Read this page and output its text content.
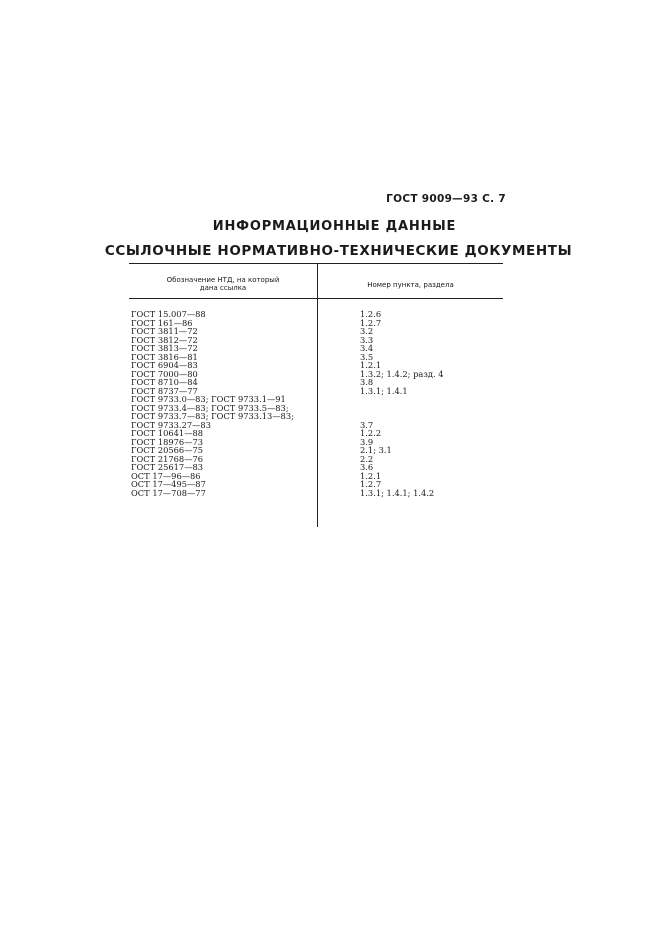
ГОСТ 9009—93 С. 7
ИНФОРМАЦИОННЫЕ ДАННЫЕ
ССЫЛОЧНЫЕ НОРМАТИВНО-ТЕХНИЧЕСКИЕ ДОКУМЕНТЫ
Обозначение НТД, на который
дана ссылка	Номер пункта, раздела
ГОСТ 15.007—88
ГОСТ 161—86
ГОСТ 3811—72
ГОСТ 3812—72
ГОСТ 3813—72
ГОСТ 3816—81
ГОСТ 6904—83
ГОСТ 7000—80
ГОСТ 8710—84
ГОСТ 8737—77
ГОСТ 9733.0—83; ГОСТ 9733.1—91
ГОСТ 9733.4—83; ГОСТ 9733.5—83;
ГОСТ 9733.7—83; ГОСТ 9733.13—83;
ГОСТ 9733.27—83
ГОСТ 10641—88
ГОСТ 18976—73
ГОСТ 20566—75
ГОСТ 21768—76
ГОСТ 25617—83
ОСТ 17—96—86
ОСТ 17—495—87
ОСТ 17—708—77
1.2.6
1.2.7
3.2
3.3
3.4
3.5
1.2.1
1.3.2; 1.4.2; разд. 4
3.8
1.3.1; 1.4.1
3.7
1.2.2
3.9
2.1; 3.1
2.2
3.6
1.2.1
1.2.7
1.3.1; 1.4.1; 1.4.2
